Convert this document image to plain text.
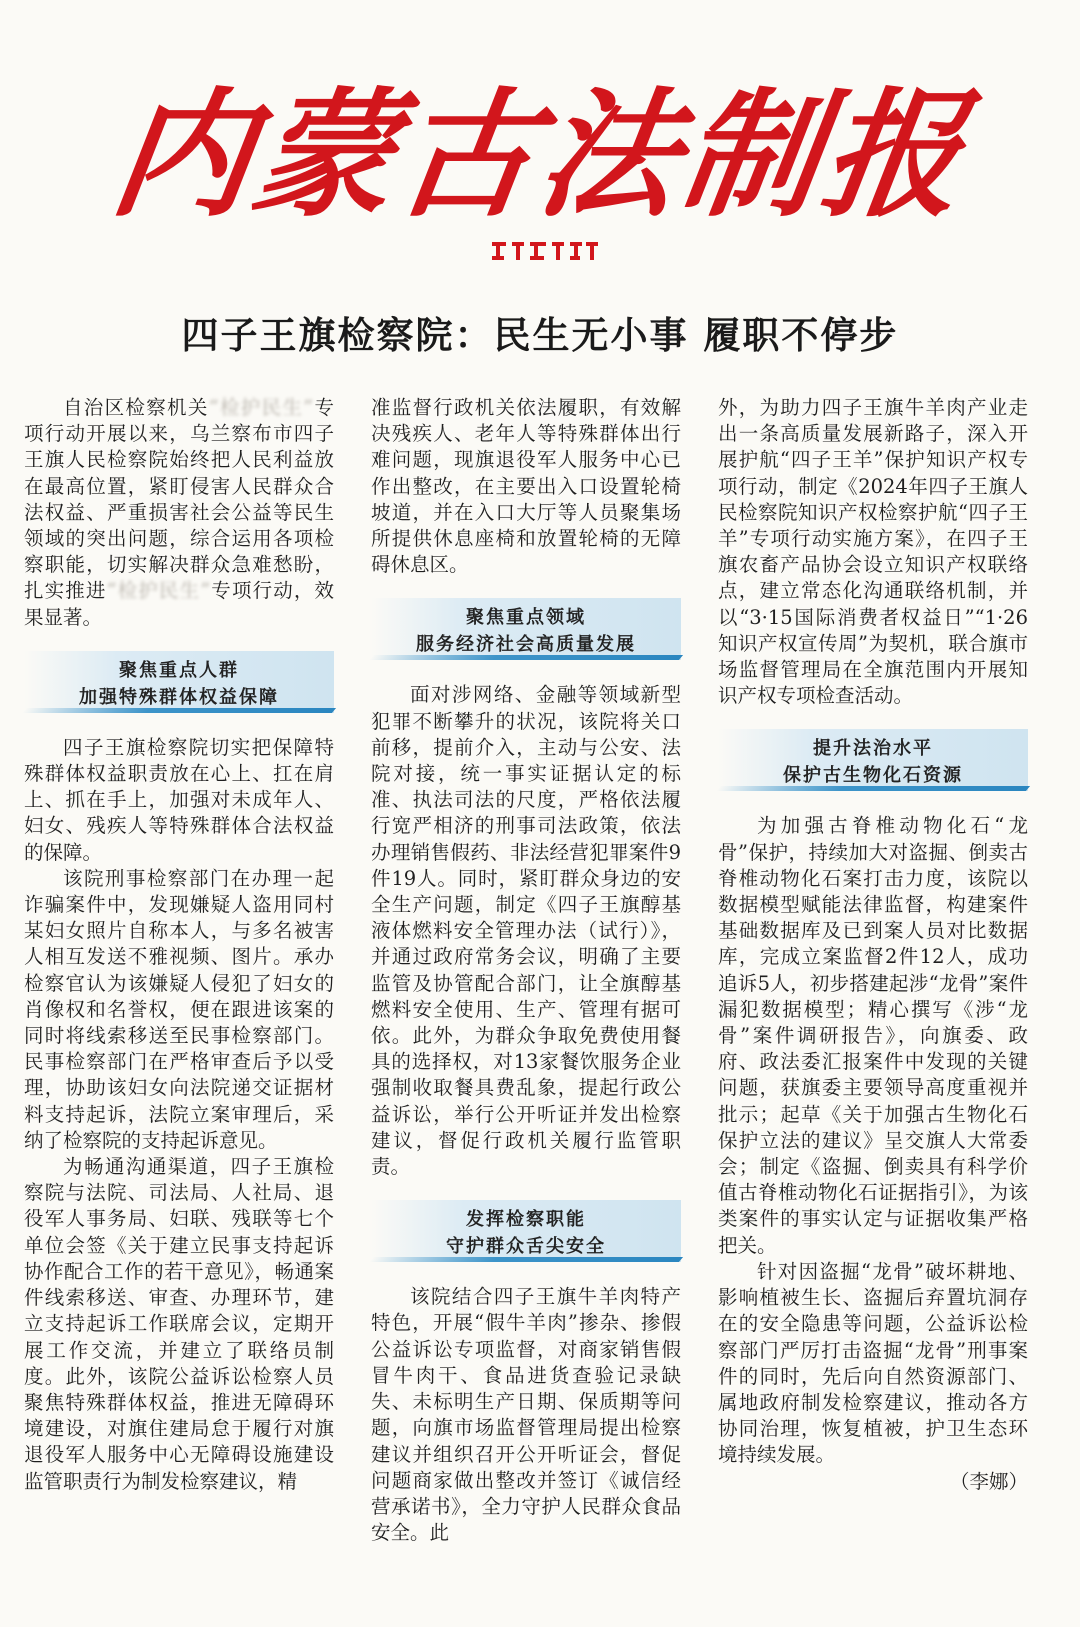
内蒙古法制报
四子王旗检察院：民生无小事 履职不停步

自治区检察机关“检护民生”专项行动开展以来，乌兰察布市四子王旗人民检察院始终把人民利益放在最高位置，紧盯侵害人民群众合法权益、严重损害社会公益等民生领域的突出问题，综合运用各项检察职能，切实解决群众急难愁盼，扎实推进“检护民生”专项行动，效果显著。

聚焦重点人群
加强特殊群体权益保障

四子王旗检察院切实把保障特殊群体权益职责放在心上、扛在肩上、抓在手上，加强对未成年人、妇女、残疾人等特殊群体合法权益的保障。

该院刑事检察部门在办理一起诈骗案件中，发现嫌疑人盗用同村某妇女照片自称本人，与多名被害人相互发送不雅视频、图片。承办检察官认为该嫌疑人侵犯了妇女的肖像权和名誉权，便在跟进该案的同时将线索移送至民事检察部门。民事检察部门在严格审查后予以受理，协助该妇女向法院递交证据材料支持起诉，法院立案审理后，采纳了检察院的支持起诉意见。

为畅通沟通渠道，四子王旗检察院与法院、司法局、人社局、退役军人事务局、妇联、残联等七个单位会签《关于建立民事支持起诉协作配合工作的若干意见》，畅通案件线索移送、审查、办理环节，建立支持起诉工作联席会议，定期开展工作交流，并建立了联络员制度。此外，该院公益诉讼检察人员聚焦特殊群体权益，推进无障碍环境建设，对旗住建局怠于履行对旗退役军人服务中心无障碍设施建设监管职责行为制发检察建议，精

准监督行政机关依法履职，有效解决残疾人、老年人等特殊群体出行难问题，现旗退役军人服务中心已作出整改，在主要出入口设置轮椅坡道，并在入口大厅等人员聚集场所提供休息座椅和放置轮椅的无障碍休息区。

聚焦重点领域
服务经济社会高质量发展

面对涉网络、金融等领域新型犯罪不断攀升的状况，该院将关口前移，提前介入，主动与公安、法院对接，统一事实证据认定的标准、执法司法的尺度，严格依法履行宽严相济的刑事司法政策，依法办理销售假药、非法经营犯罪案件9件19人。同时，紧盯群众身边的安全生产问题，制定《四子王旗醇基液体燃料安全管理办法（试行）》，并通过政府常务会议，明确了主要监管及协管配合部门，让全旗醇基燃料安全使用、生产、管理有据可依。此外，为群众争取免费使用餐具的选择权，对13家餐饮服务企业强制收取餐具费乱象，提起行政公益诉讼，举行公开听证并发出检察建议，督促行政机关履行监管职责。

发挥检察职能
守护群众舌尖安全

该院结合四子王旗牛羊肉特产特色，开展“假牛羊肉”掺杂、掺假公益诉讼专项监督，对商家销售假冒牛肉干、食品进货查验记录缺失、未标明生产日期、保质期等问题，向旗市场监督管理局提出检察建议并组织召开公开听证会，督促问题商家做出整改并签订《诚信经营承诺书》，全力守护人民群众食品安全。此

外，为助力四子王旗牛羊肉产业走出一条高质量发展新路子，深入开展护航“四子王羊”保护知识产权专项行动，制定《2024年四子王旗人民检察院知识产权检察护航“四子王羊”专项行动实施方案》，在四子王旗农畜产品协会设立知识产权联络点，建立常态化沟通联络机制，并以“3·15国际消费者权益日”“1·26知识产权宣传周”为契机，联合旗市场监督管理局在全旗范围内开展知识产权专项检查活动。

提升法治水平
保护古生物化石资源

为加强古脊椎动物化石“龙骨”保护，持续加大对盗掘、倒卖古脊椎动物化石案打击力度，该院以数据模型赋能法律监督，构建案件基础数据库及已到案人员对比数据库，完成立案监督2件12人，成功追诉5人，初步搭建起涉“龙骨”案件漏犯数据模型；精心撰写《涉“龙骨”案件调研报告》，向旗委、政府、政法委汇报案件中发现的关键问题，获旗委主要领导高度重视并批示；起草《关于加强古生物化石保护立法的建议》呈交旗人大常委会；制定《盗掘、倒卖具有科学价值古脊椎动物化石证据指引》，为该类案件的事实认定与证据收集严格把关。

针对因盗掘“龙骨”破坏耕地、影响植被生长、盗掘后弃置坑洞存在的安全隐患等问题，公益诉讼检察部门严厉打击盗掘“龙骨”刑事案件的同时，先后向自然资源部门、属地政府制发检察建议，推动各方协同治理，恢复植被，护卫生态环境持续发展。

（李娜）
